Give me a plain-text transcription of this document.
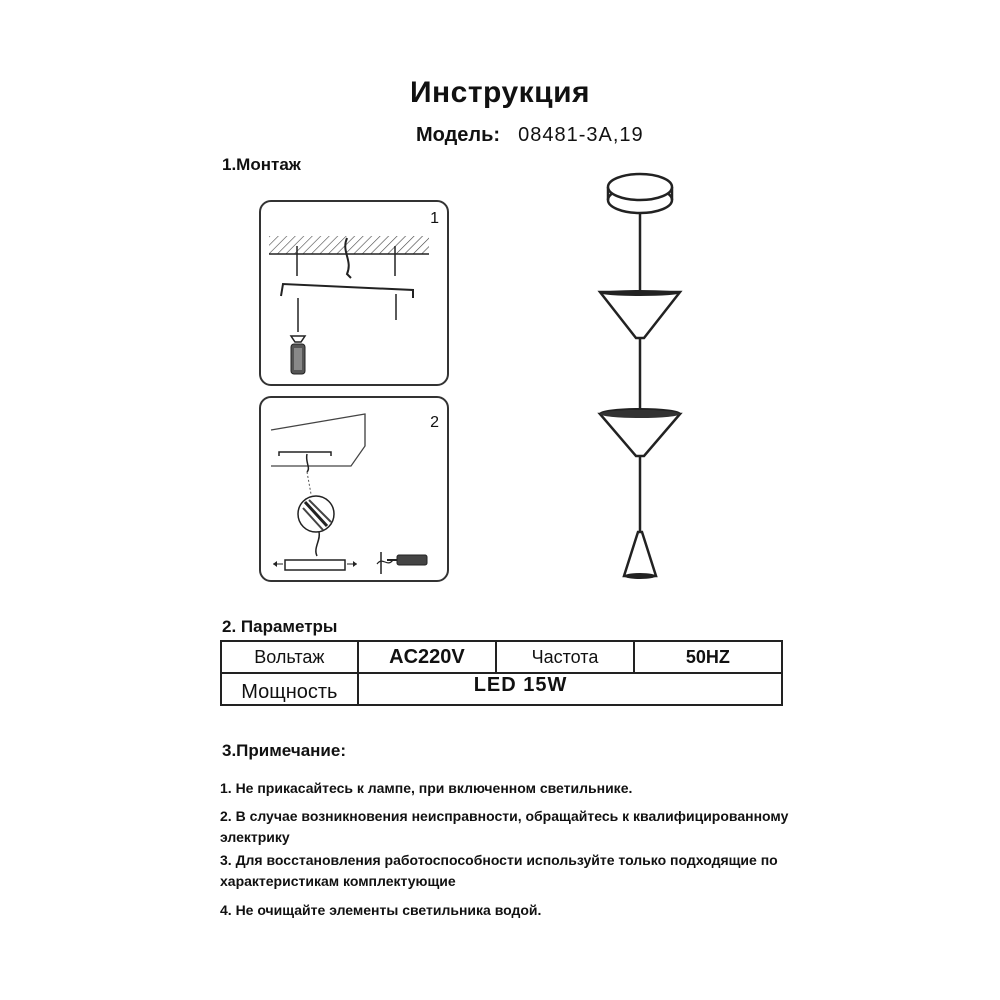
Инструкция
Модель: 08481-3A,19
1.Монтаж
1
2
2. Параметры
Вольтаж	AC220V	Частота	50HZ
Мощность	LED 15W		
3.Примечание:
1. Не прикасайтесь к лампе, при включенном светильнике.
2. В случае возникновения неисправности, обращайтесь к квалифицированному электрику
3. Для восстановления работоспособности используйте только подходящие по характеристикам комплектующие
4. Не очищайте элементы светильника водой.
